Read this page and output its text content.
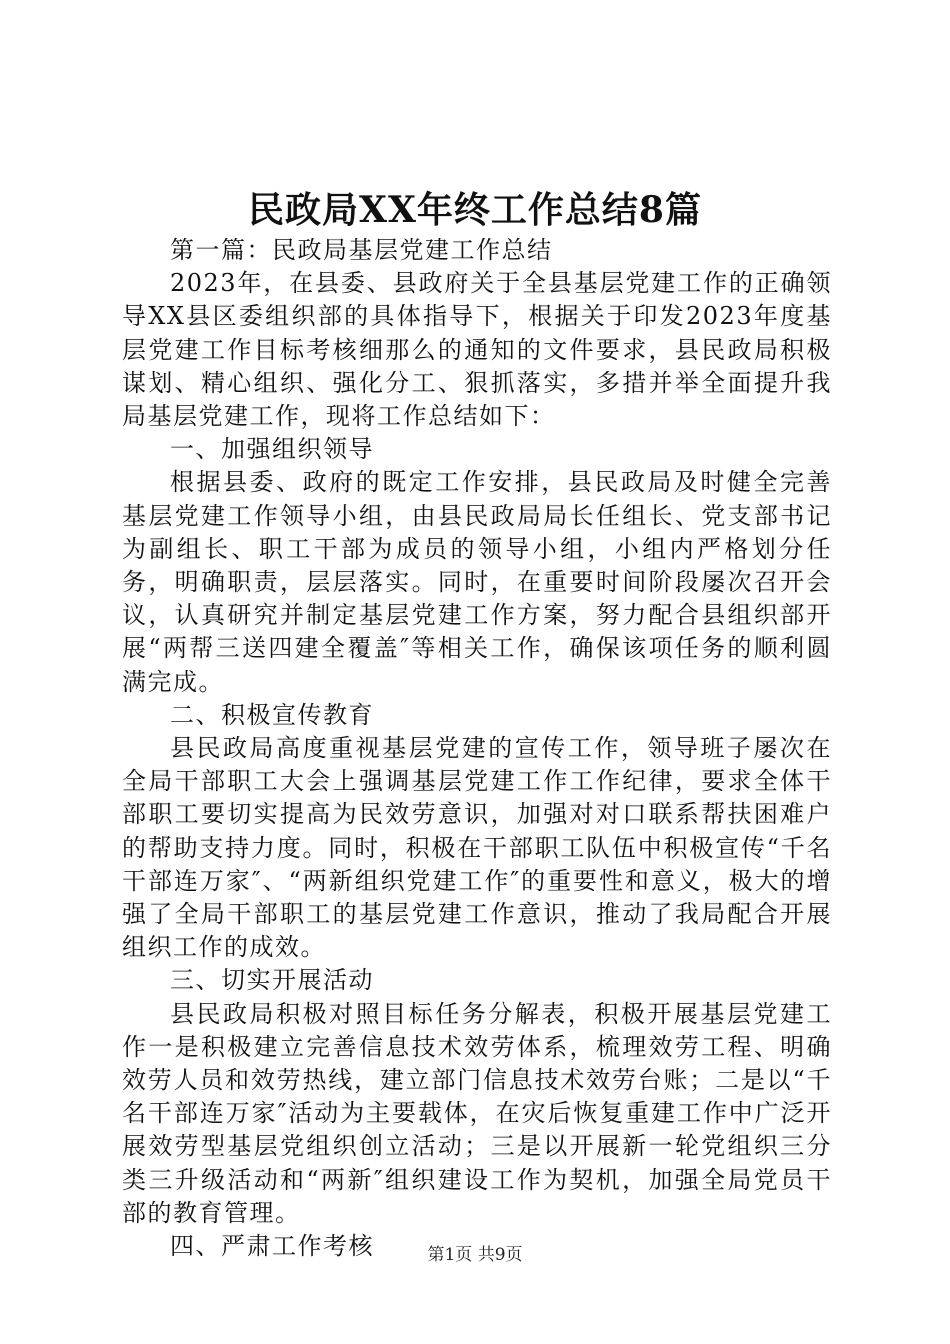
民政局XX年终工作总结8篇

第一篇：民政局基层党建工作总结

2023年，在县委、县政府关于全县基层党建工作的正确领导XX县区委组织部的具体指导下，根据关于印发2023年度基层党建工作目标考核细那么的通知的文件要求，县民政局积极谋划、精心组织、强化分工、狠抓落实，多措并举全面提升我局基层党建工作，现将工作总结如下：

一、加强组织领导

根据县委、政府的既定工作安排，县民政局及时健全完善基层党建工作领导小组，由县民政局局长任组长、党支部书记为副组长、职工干部为成员的领导小组，小组内严格划分任务，明确职责，层层落实。同时，在重要时间阶段屡次召开会议，认真研究并制定基层党建工作方案，努力配合县组织部开展“两帮三送四建全覆盖″等相关工作，确保该项任务的顺利圆满完成。

二、积极宣传教育

县民政局高度重视基层党建的宣传工作，领导班子屡次在全局干部职工大会上强调基层党建工作工作纪律，要求全体干部职工要切实提高为民效劳意识，加强对对口联系帮扶困难户的帮助支持力度。同时，积极在干部职工队伍中积极宣传“千名干部连万家″、“两新组织党建工作″的重要性和意义，极大的增强了全局干部职工的基层党建工作意识，推动了我局配合开展组织工作的成效。

三、切实开展活动

县民政局积极对照目标任务分解表，积极开展基层党建工作一是积极建立完善信息技术效劳体系，梳理效劳工程、明确效劳人员和效劳热线，建立部门信息技术效劳台账；二是以“千名干部连万家″活动为主要载体，在灾后恢复重建工作中广泛开展效劳型基层党组织创立活动；三是以开展新一轮党组织三分类三升级活动和“两新″组织建设工作为契机，加强全局党员干部的教育管理。

四、严肃工作考核	第1页 共9页
